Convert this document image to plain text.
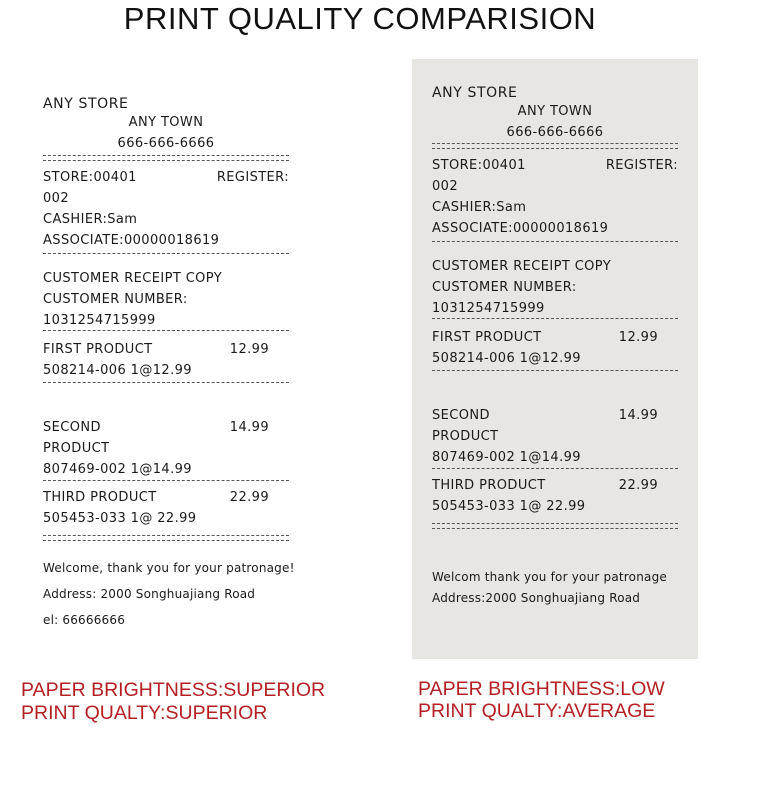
PRINT QUALITY COMPARISION
ANY STORE
ANY TOWN
666-666-6666
STORE:00401	REGISTER:
002
CASHIER:Sam
ASSOCIATE:00000018619
CUSTOMER RECEIPT COPY
CUSTOMER NUMBER:
1031254715999
FIRST PRODUCT	12.99
508214-006 1@12.99
SECOND	14.99
PRODUCT
807469-002 1@14.99
THIRD PRODUCT	22.99
505453-033 1@ 22.99
Welcome, thank you for your patronage!
Address: 2000 Songhuajiang Road
el: 66666666
ANY STORE
ANY TOWN
666-666-6666
STORE:00401	REGISTER:
002
CASHIER:Sam
ASSOCIATE:00000018619
CUSTOMER RECEIPT COPY
CUSTOMER NUMBER:
1031254715999
FIRST PRODUCT	12.99
508214-006 1@12.99
SECOND	14.99
PRODUCT
807469-002 1@14.99
THIRD PRODUCT	22.99
505453-033 1@ 22.99
Welcom thank you for your patronage
Address:2000 Songhuajiang Road
PAPER BRIGHTNESS:SUPERIOR
PRINT QUALTY:SUPERIOR
PAPER BRIGHTNESS:LOW
PRINT QUALTY:AVERAGE
